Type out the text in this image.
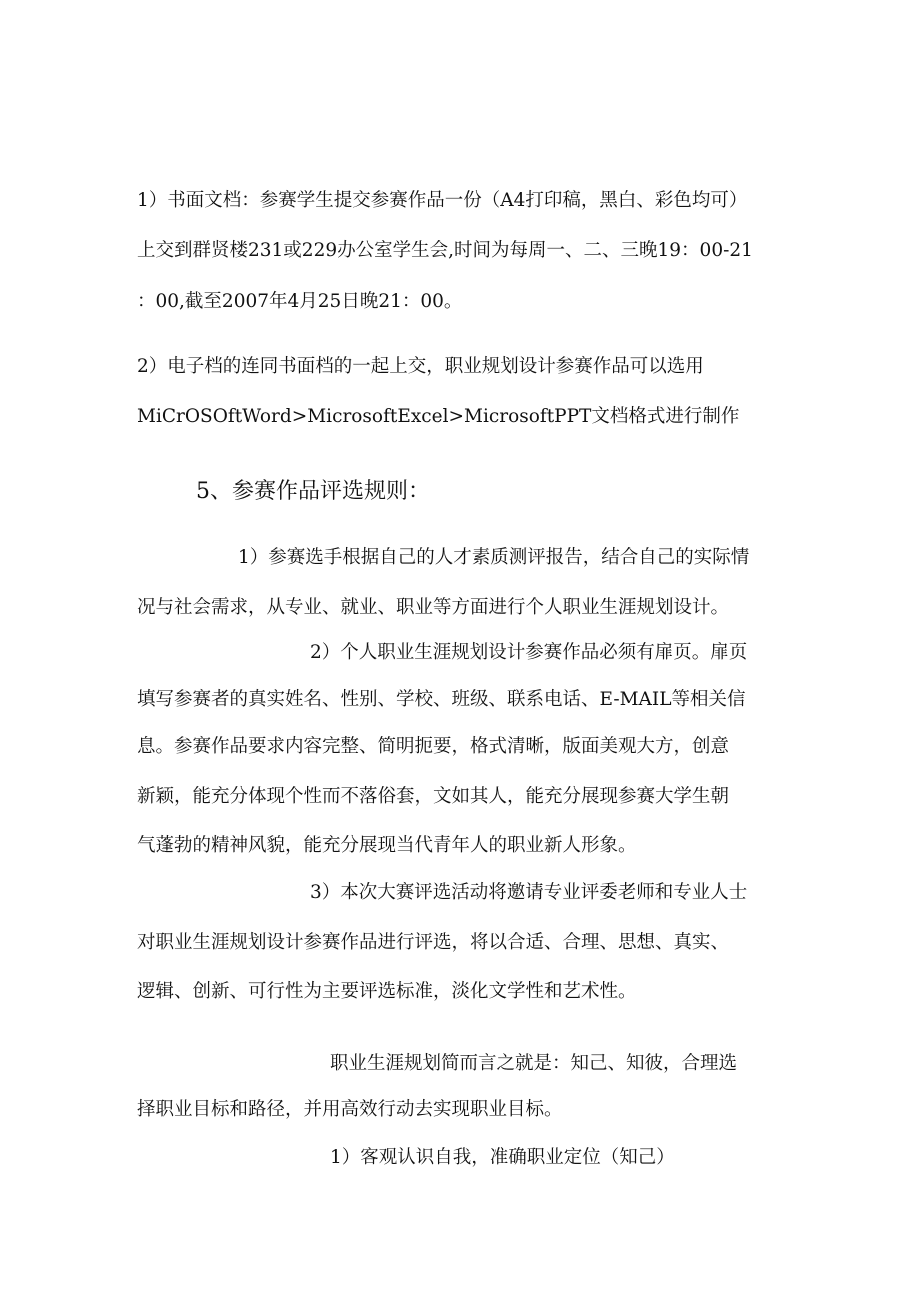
1）书面文档：参赛学生提交参赛作品一份（A4打印稿，黑白、彩色均可）
上交到群贤楼231或229办公室学生会,时间为每周一、二、三晚19：00-21
：00,截至2007年4月25日晚21：00。
2）电子档的连同书面档的一起上交，职业规划设计参赛作品可以选用
MiCrOSOftWord>MicrosoftExcel>MicrosoftPPT文档格式进行制作
5、参赛作品评选规则：
1）参赛选手根据自己的人才素质测评报告，结合自己的实际情
况与社会需求，从专业、就业、职业等方面进行个人职业生涯规划设计。
2）个人职业生涯规划设计参赛作品必须有扉页。扉页
填写参赛者的真实姓名、性别、学校、班级、联系电话、E-MAIL等相关信
息。参赛作品要求内容完整、简明扼要，格式清晰，版面美观大方，创意
新颖，能充分体现个性而不落俗套，文如其人，能充分展现参赛大学生朝
气蓬勃的精神风貌，能充分展现当代青年人的职业新人形象。
3）本次大赛评选活动将邀请专业评委老师和专业人士
对职业生涯规划设计参赛作品进行评选，将以合适、合理、思想、真实、
逻辑、创新、可行性为主要评选标准，淡化文学性和艺术性。
职业生涯规划简而言之就是：知己、知彼，合理选
择职业目标和路径，并用高效行动去实现职业目标。
1）客观认识自我，准确职业定位（知己）
